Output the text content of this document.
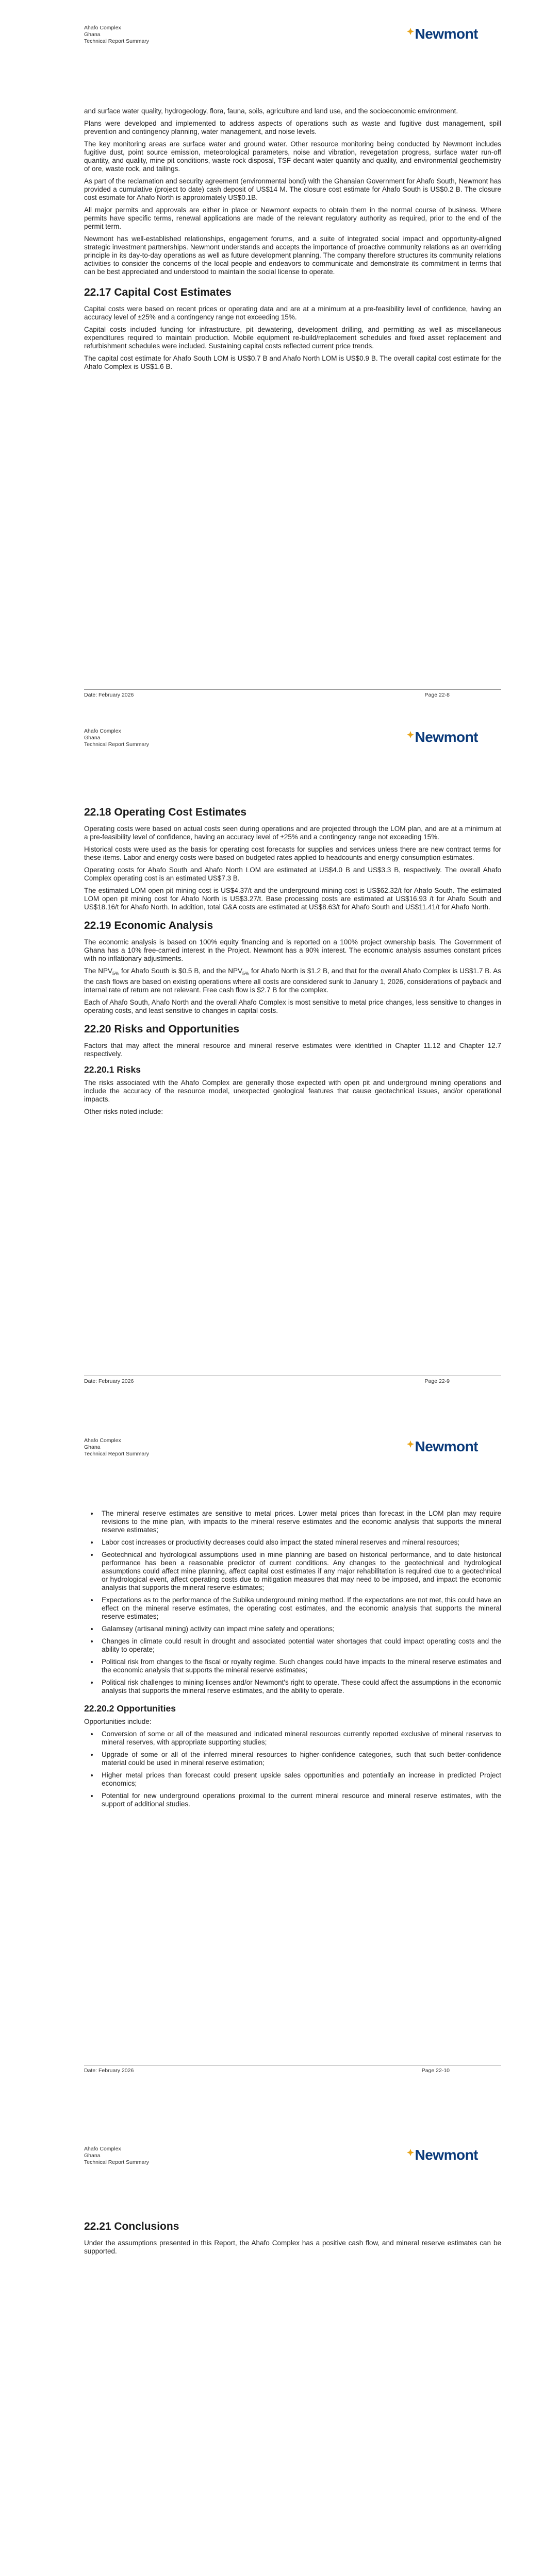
Ahafo Complex
Ghana
Technical Report Summary	Newmont

and surface water quality, hydrogeology, flora, fauna, soils, agriculture and land use, and the socioeconomic environment.

Plans were developed and implemented to address aspects of operations such as waste and fugitive dust management, spill prevention and contingency planning, water management, and noise levels.

The key monitoring areas are surface water and ground water. Other resource monitoring being conducted by Newmont includes fugitive dust, point source emission, meteorological parameters, noise and vibration, revegetation progress, surface water run-off quantity, and quality, mine pit conditions, waste rock disposal, TSF decant water quantity and quality, and environmental geochemistry of ore, waste rock, and tailings.

As part of the reclamation and security agreement (environmental bond) with the Ghanaian Government for Ahafo South, Newmont has provided a cumulative (project to date) cash deposit of US$14 M. The closure cost estimate for Ahafo South is US$0.2 B. The closure cost estimate for Ahafo North is approximately US$0.1B.

All major permits and approvals are either in place or Newmont expects to obtain them in the normal course of business. Where permits have specific terms, renewal applications are made of the relevant regulatory authority as required, prior to the end of the permit term.

Newmont has well-established relationships, engagement forums, and a suite of integrated social impact and opportunity-aligned strategic investment partnerships. Newmont understands and accepts the importance of proactive community relations as an overriding principle in its day-to-day operations as well as future development planning. The company therefore structures its community relations activities to consider the concerns of the local people and endeavors to communicate and demonstrate its commitment in terms that can be best appreciated and understood to maintain the social license to operate.

22.17 Capital Cost Estimates

Capital costs were based on recent prices or operating data and are at a minimum at a pre-feasibility level of confidence, having an accuracy level of ±25% and a contingency range not exceeding 15%.

Capital costs included funding for infrastructure, pit dewatering, development drilling, and permitting as well as miscellaneous expenditures required to maintain production. Mobile equipment re-build/replacement schedules and fixed asset replacement and refurbishment schedules were included. Sustaining capital costs reflected current price trends.

The capital cost estimate for Ahafo South LOM is US$0.7 B and Ahafo North LOM is US$0.9 B. The overall capital cost estimate for the Ahafo Complex is US$1.6 B.

Date: February 2026	Page 22-8
Ahafo Complex
Ghana
Technical Report Summary	Newmont
22.18 Operating Cost Estimates

Operating costs were based on actual costs seen during operations and are projected through the LOM plan, and are at a minimum at a pre-feasibility level of confidence, having an accuracy level of ±25% and a contingency range not exceeding 15%.

Historical costs were used as the basis for operating cost forecasts for supplies and services unless there are new contract terms for these items. Labor and energy costs were based on budgeted rates applied to headcounts and energy consumption estimates.

Operating costs for Ahafo South and Ahafo North LOM are estimated at US$4.0 B and US$3.3 B, respectively. The overall Ahafo Complex operating cost is an estimated US$7.3 B.

The estimated LOM open pit mining cost is US$4.37/t and the underground mining cost is US$62.32/t for Ahafo South. The estimated LOM open pit mining cost for Ahafo North is US$3.27/t. Base processing costs are estimated at US$16.93 /t for Ahafo South and US$18.16/t for Ahafo North. In addition, total G&A costs are estimated at US$8.63/t for Ahafo South and US$11.41/t for Ahafo North.

22.19 Economic Analysis

The economic analysis is based on 100% equity financing and is reported on a 100% project ownership basis. The Government of Ghana has a 10% free-carried interest in the Project. Newmont has a 90% interest. The economic analysis assumes constant prices with no inflationary adjustments.

The $NPV_{5\%}$ for Ahafo South is $0.5 B, and the $NPV_{5\%}$ for Ahafo North is $1.2 B, and that for the overall Ahafo Complex is US$1.7 B. As the cash flows are based on existing operations where all costs are considered sunk to January 1, 2026, considerations of payback and internal rate of return are not relevant. Free cash flow is $2.7 B for the complex.

Each of Ahafo South, Ahafo North and the overall Ahafo Complex is most sensitive to metal price changes, less sensitive to changes in operating costs, and least sensitive to changes in capital costs.

22.20 Risks and Opportunities

Factors that may affect the mineral resource and mineral reserve estimates were identified in Chapter 11.12 and Chapter 12.7 respectively.

22.20.1 Risks

The risks associated with the Ahafo Complex are generally those expected with open pit and underground mining operations and include the accuracy of the resource model, unexpected geological features that cause geotechnical issues, and/or operational impacts.

Other risks noted include:

Date: February 2026	Page 22-9
Ahafo Complex
Ghana
Technical Report Summary	Newmont
• The mineral reserve estimates are sensitive to metal prices. Lower metal prices than forecast in the LOM plan may require revisions to the mine plan, with impacts to the mineral reserve estimates and the economic analysis that supports the mineral reserve estimates;
• Labor cost increases or productivity decreases could also impact the stated mineral reserves and mineral resources;
• Geotechnical and hydrological assumptions used in mine planning are based on historical performance, and to date historical performance has been a reasonable predictor of current conditions. Any changes to the geotechnical and hydrological assumptions could affect mine planning, affect capital cost estimates if any major rehabilitation is required due to a geotechnical or hydrological event, affect operating costs due to mitigation measures that may need to be imposed, and impact the economic analysis that supports the mineral reserve estimates;
• Expectations as to the performance of the Subika underground mining method. If the expectations are not met, this could have an effect on the mineral reserve estimates, the operating cost estimates, and the economic analysis that supports the mineral reserve estimates;
• Galamsey (artisanal mining) activity can impact mine safety and operations;
• Changes in climate could result in drought and associated potential water shortages that could impact operating costs and the ability to operate;
• Political risk from changes to the fiscal or royalty regime. Such changes could have impacts to the mineral reserve estimates and the economic analysis that supports the mineral reserve estimates;
• Political risk challenges to mining licenses and/or Newmont's right to operate. These could affect the assumptions in the economic analysis that supports the mineral reserve estimates, and the ability to operate.
22.20.2 Opportunities

Opportunities include:

• Conversion of some or all of the measured and indicated mineral resources currently reported exclusive of mineral reserves to mineral reserves, with appropriate supporting studies;
• Upgrade of some or all of the inferred mineral resources to higher-confidence categories, such that such better-confidence material could be used in mineral reserve estimation;
• Higher metal prices than forecast could present upside sales opportunities and potentially an increase in predicted Project economics;
• Potential for new underground operations proximal to the current mineral resource and mineral reserve estimates, with the support of additional studies.
Date: February 2026	Page 22-10
Ahafo Complex
Ghana
Technical Report Summary	Newmont
22.21 Conclusions

Under the assumptions presented in this Report, the Ahafo Complex has a positive cash flow, and mineral reserve estimates can be supported.
